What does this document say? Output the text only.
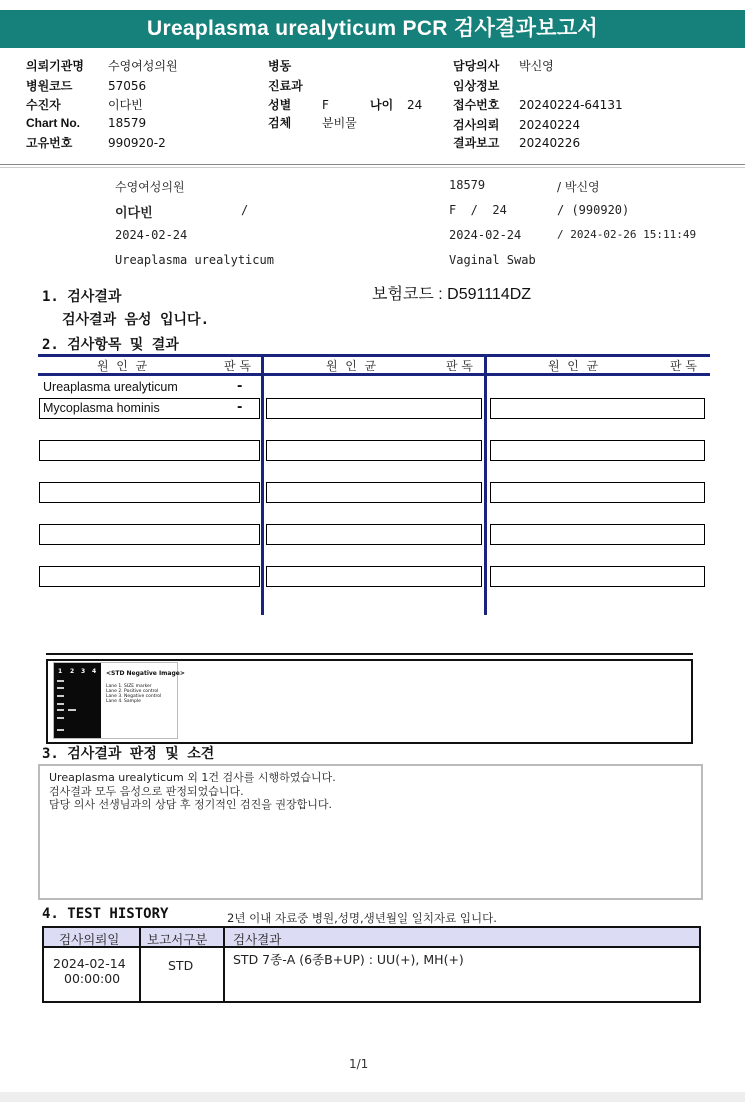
Ureaplasma urealyticum PCR 검사결과보고서
의뢰기관명 수영여성의원
병원코드	57056
수진자	이다빈
Chart No. 18579
고유번호	990920-2
병동
진료과
성별	F	나이 24
검체	분비물
담당의사 박신영
임상정보
접수번호 20240224-64131
검사의뢰 20240224
결과보고 20240226
수영여성의원	18579	/ 박신영
이다빈	/	F  /  24	/ (990920)
2024-02-24	2024-02-24	/ 2024-02-26 15:11:49
Ureaplasma urealyticum	Vaginal Swab
1. 검사결과	보험코드 : D591114DZ
검사결과 음성 입니다.
2. 검사항목 및 결과
원  인  균	판 독	원  인  균	판 독	원  인  균	판 독
Ureaplasma urealyticum	-
Mycoplasma hominis	-
1 2 3 4 <STD Negative Image>
Lane 1. SIZE marker
Lane 2. Positive control
Lane 3. Negative control
Lane 4. Sample
3. 검사결과 판정 및 소견
Ureaplasma urealyticum 외 1건 검사를 시행하였습니다.
검사결과 모두 음성으로 판정되었습니다.
담당 의사 선생님과의 상담 후 정기적인 검진을 권장합니다.
4. TEST HISTORY	2년 이내 자료중 병원,성명,생년월일 일치자료 입니다.
검사의뢰일 보고서구분 검사결과
2024-02-14
00:00:00
STD	STD 7종-A (6종B+UP) : UU(+), MH(+)
1/1
